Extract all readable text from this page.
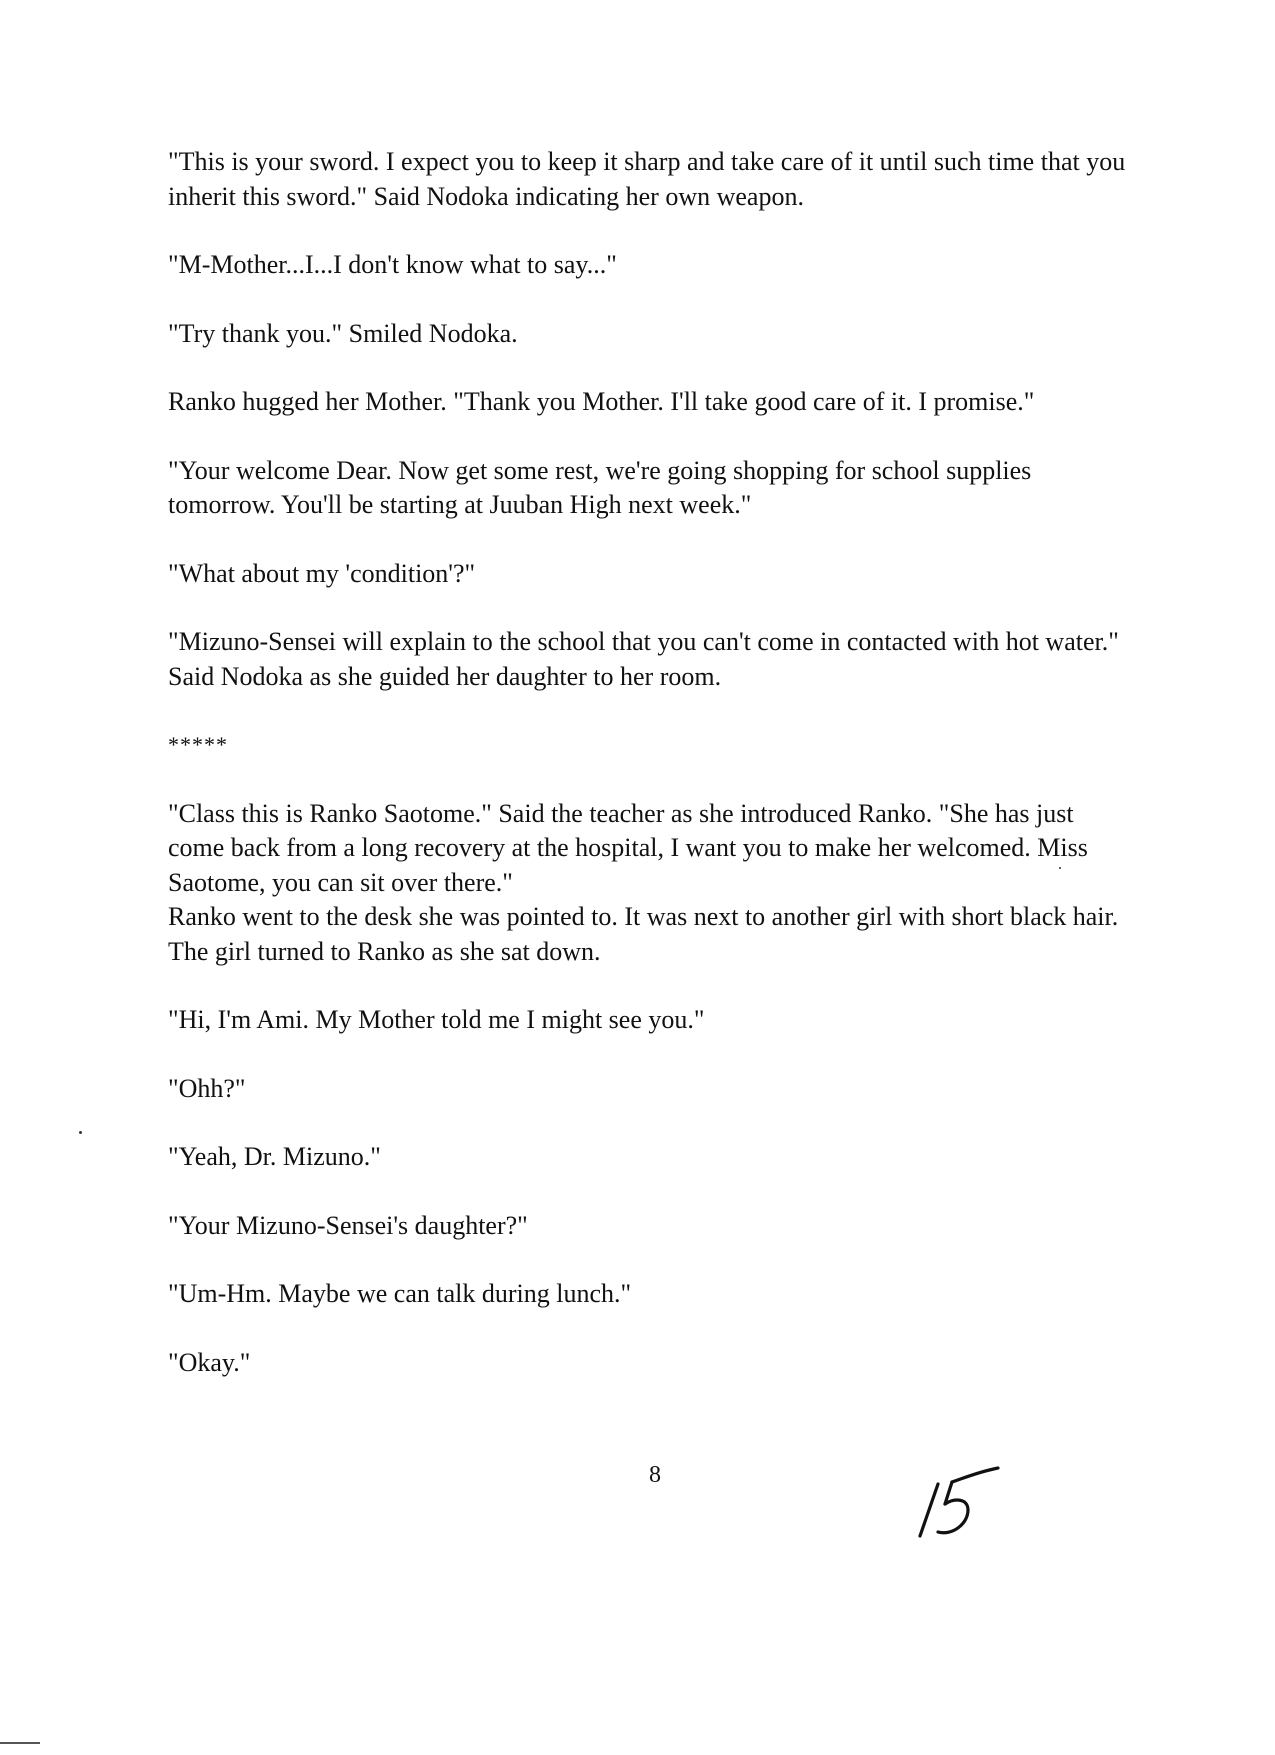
"This is your sword. I expect you to keep it sharp and take care of it until such time that you inherit this sword." Said Nodoka indicating her own weapon.

"M-Mother...I...I don't know what to say..."

"Try thank you." Smiled Nodoka.

Ranko hugged her Mother. "Thank you Mother. I'll take good care of it. I promise."

"Your welcome Dear. Now get some rest, we're going shopping for school supplies tomorrow. You'll be starting at Juuban High next week."

"What about my 'condition'?"

"Mizuno-Sensei will explain to the school that you can't come in contacted with hot water." Said Nodoka as she guided her daughter to her room.

*****

"Class this is Ranko Saotome." Said the teacher as she introduced Ranko. "She has just come back from a long recovery at the hospital, I want you to make her welcomed. Miss Saotome, you can sit over there."

Ranko went to the desk she was pointed to. It was next to another girl with short black hair. The girl turned to Ranko as she sat down.

"Hi, I'm Ami. My Mother told me I might see you."

"Ohh?"

"Yeah, Dr. Mizuno."

"Your Mizuno-Sensei's daughter?"

"Um-Hm. Maybe we can talk during lunch."

"Okay."

8
